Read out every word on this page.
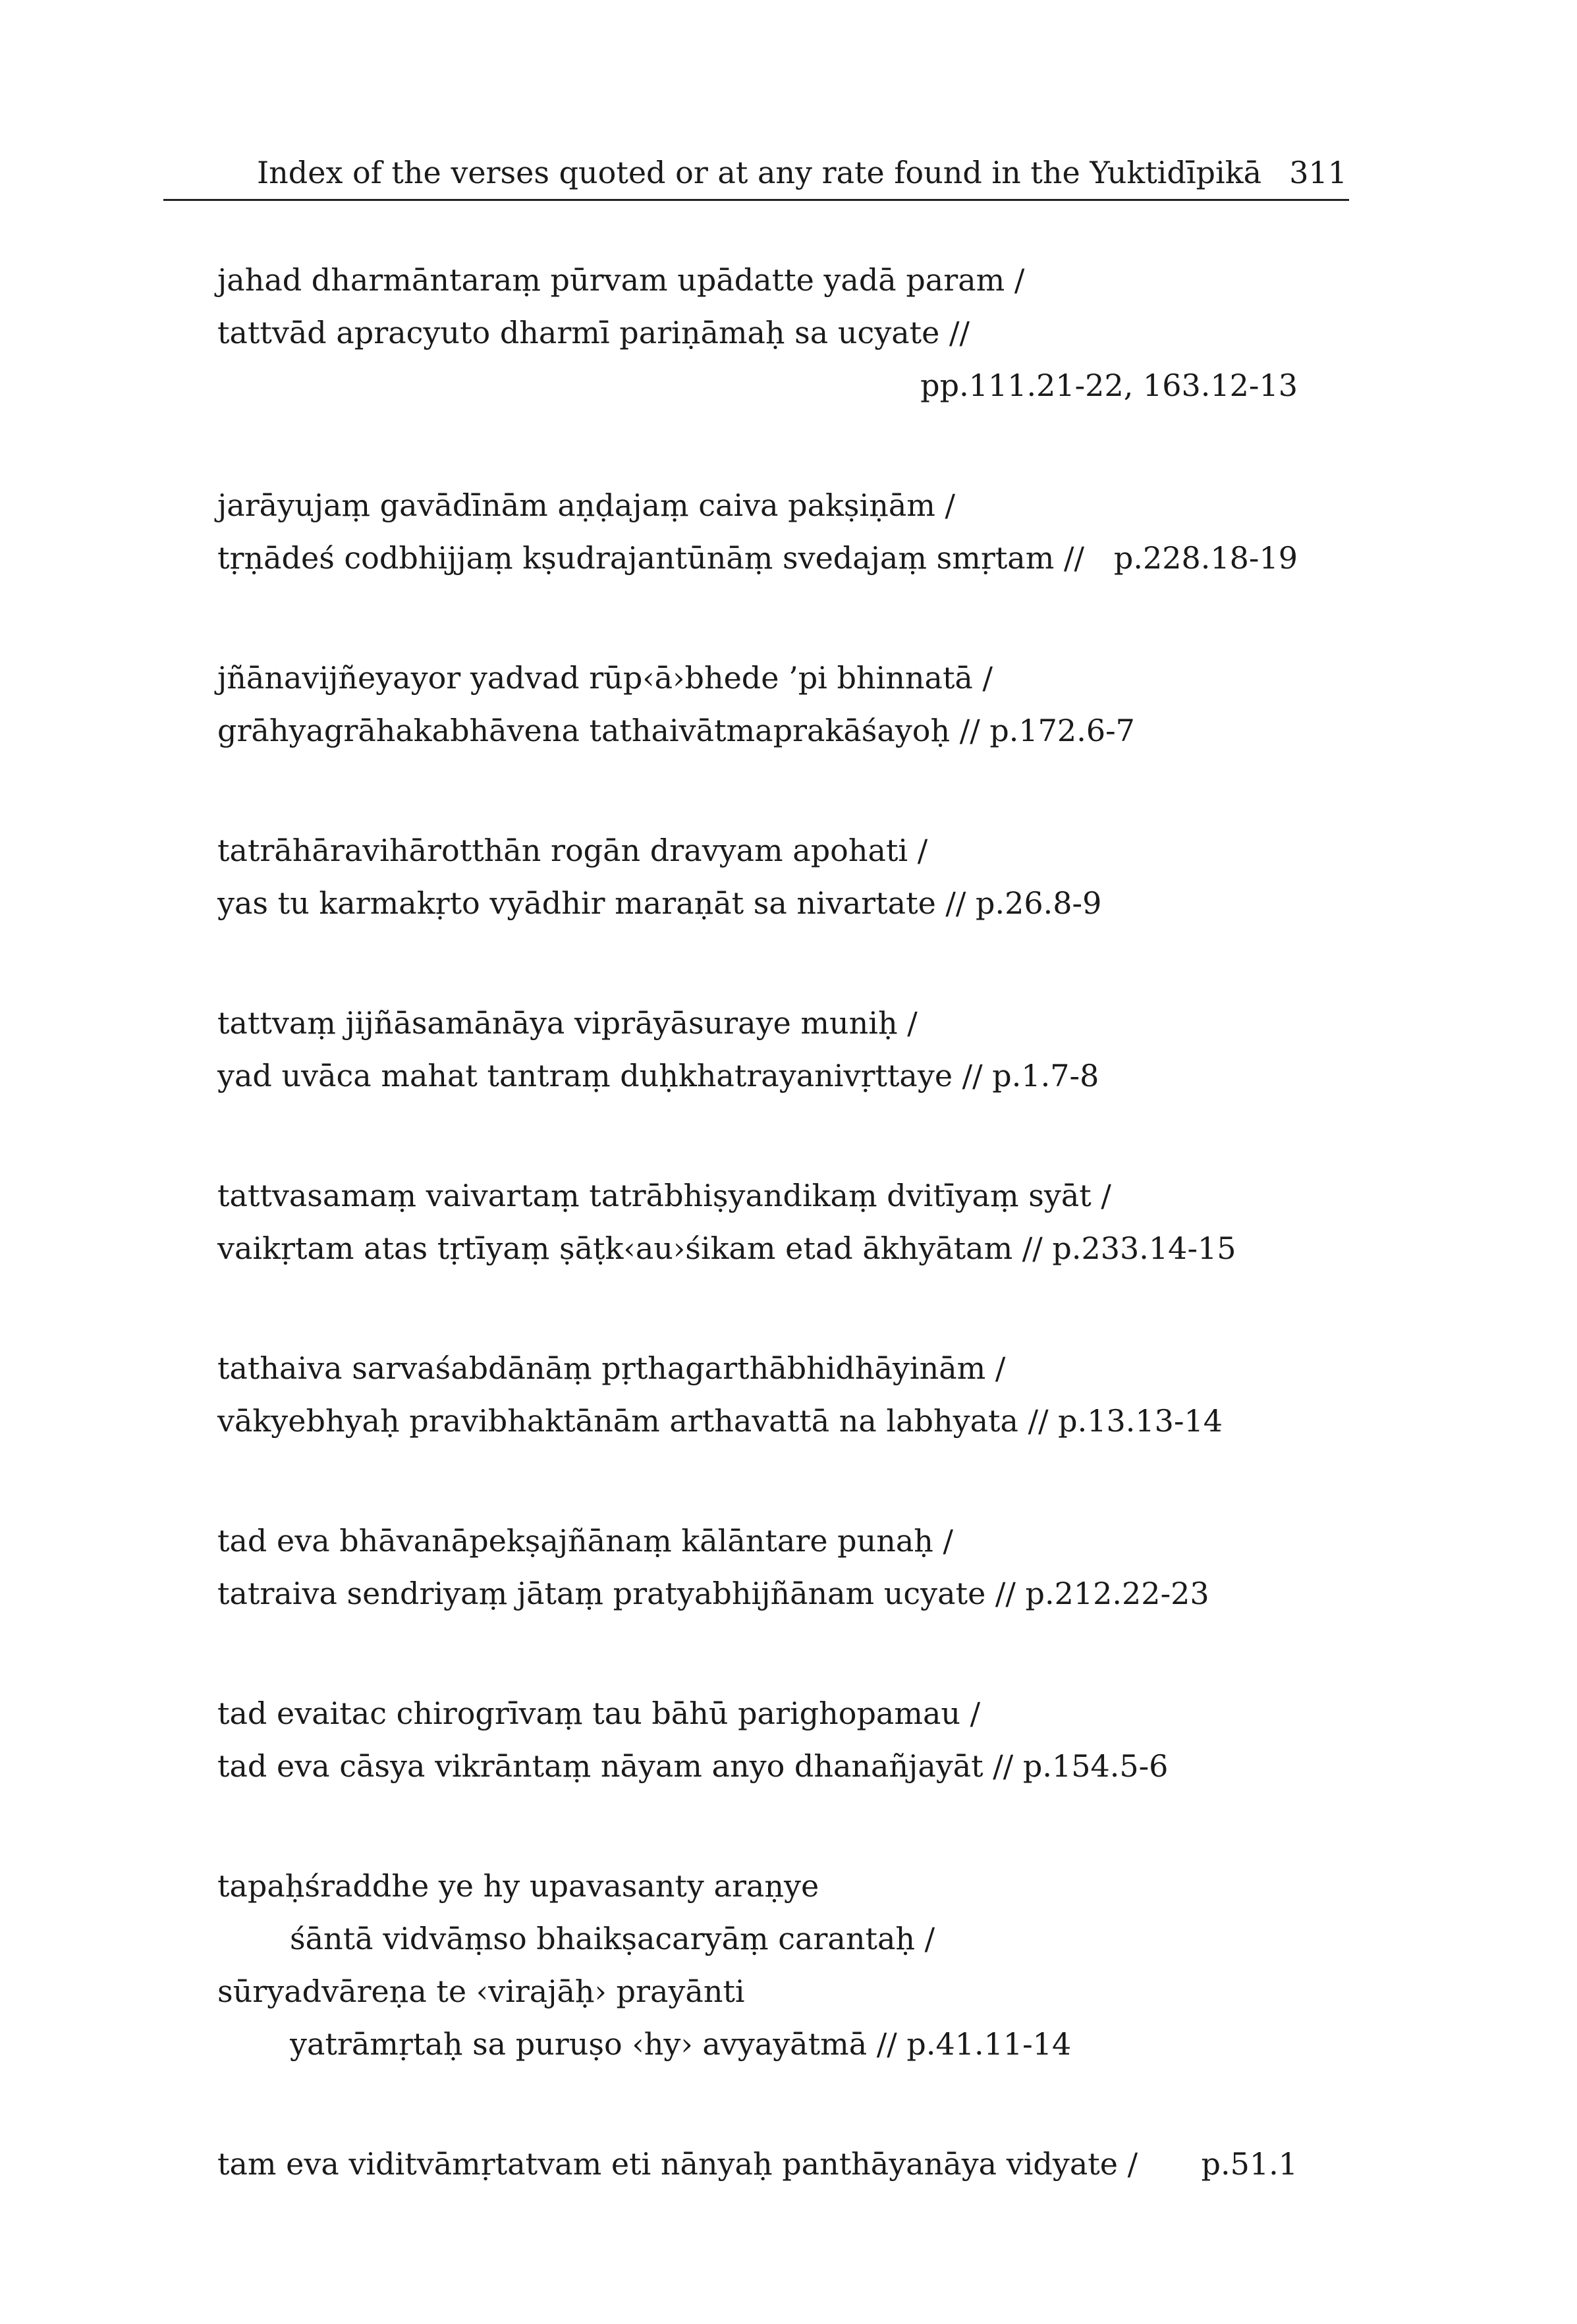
Index of the verses quoted or at any rate found in the Yuktidīpikā 311
jahad dharmāntaraṃ pūrvam upādatte yadā param /
tattvād apracyuto dharmī pariṇāmaḥ sa ucyate //
pp.111.21-22, 163.12-13
jarāyujaṃ gavādīnām aṇḍajaṃ caiva pakṣiṇām /
tṛṇādeś codbhijjaṃ kṣudrajantūnāṃ svedajaṃ smṛtam // p.228.18-19
jñānavijñeyayor yadvad rūp‹ā›bhede ’pi bhinnatā /
grāhyagrāhakabhāvena tathaivātmaprakāśayoḥ // p.172.6-7
tatrāhāravihārotthān rogān dravyam apohati /
yas tu karmakṛto vyādhir maraṇāt sa nivartate // p.26.8-9
tattvaṃ jijñāsamānāya viprāyāsuraye muniḥ /
yad uvāca mahat tantraṃ duḥkhatrayanivṛttaye // p.1.7-8
tattvasamaṃ vaivartaṃ tatrābhiṣyandikaṃ dvitīyaṃ syāt /
vaikṛtam atas tṛtīyaṃ ṣāṭk‹au›śikam etad ākhyātam // p.233.14-15
tathaiva sarvaśabdānāṃ pṛthagarthābhidhāyinām /
vākyebhyaḥ pravibhaktānām arthavattā na labhyata // p.13.13-14
tad eva bhāvanāpekṣajñānaṃ kālāntare punaḥ /
tatraiva sendriyaṃ jātaṃ pratyabhijñānam ucyate // p.212.22-23
tad evaitac chirogrīvaṃ tau bāhū parighopamau /
tad eva cāsya vikrāntaṃ nāyam anyo dhanañjayāt // p.154.5-6
tapaḥśraddhe ye hy upavasanty araṇye
śāntā vidvāṃso bhaikṣacaryāṃ carantaḥ /
sūryadvāreṇa te ‹virajāḥ› prayānti
yatrāmṛtaḥ sa puruṣo ‹hy› avyayātmā // p.41.11-14
tam eva viditvāmṛtatvam eti nānyaḥ panthāyanāya vidyate / p.51.1
